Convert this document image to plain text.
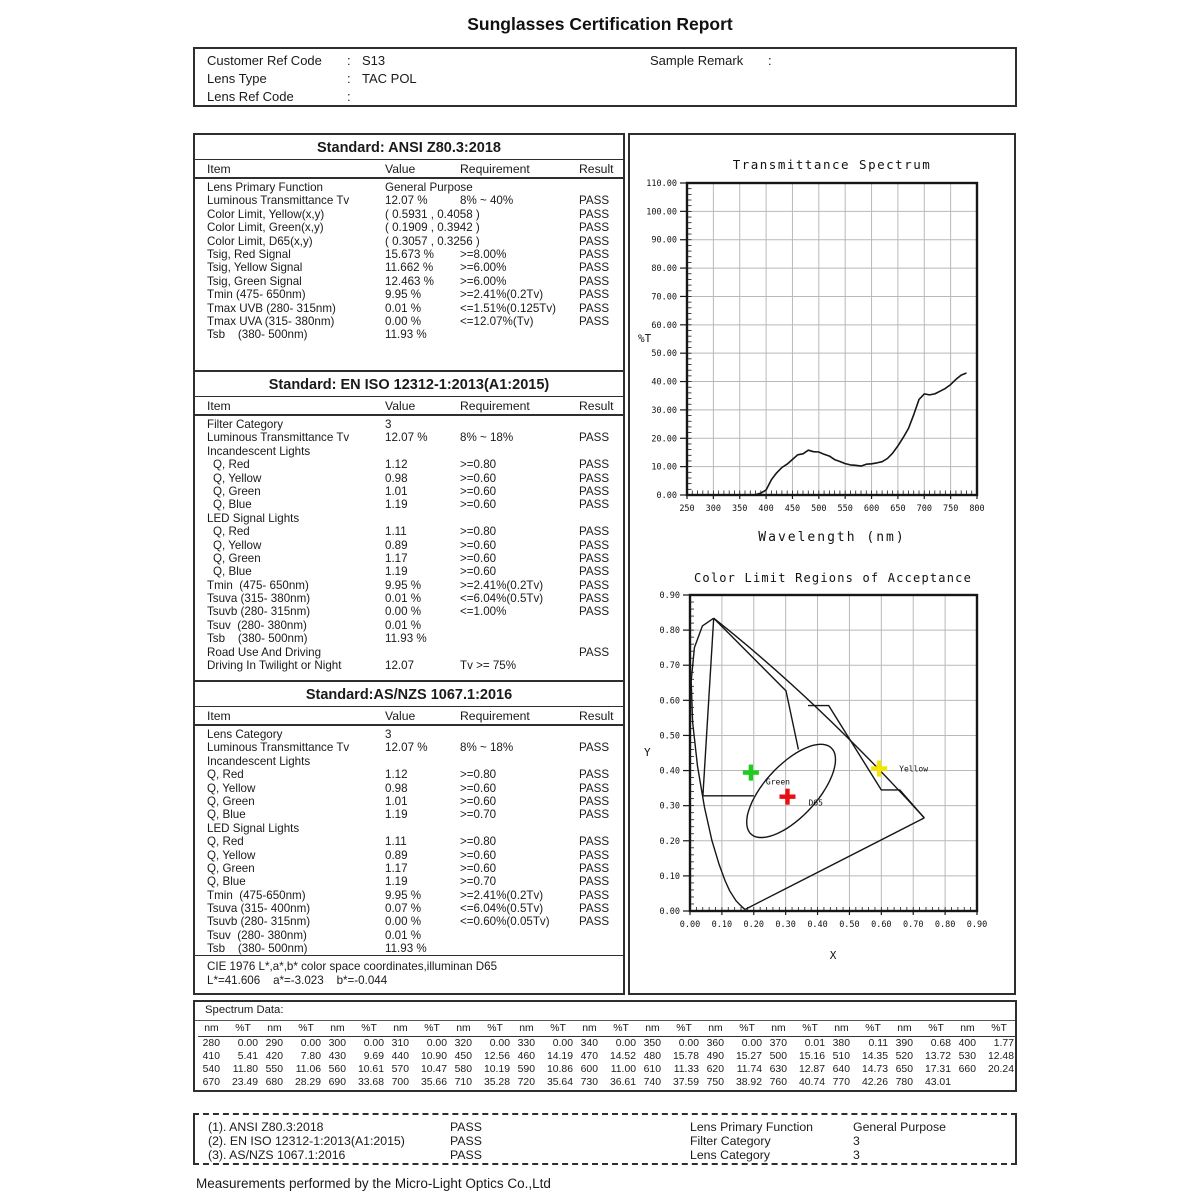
Sunglasses Certification Report
Customer Ref Code : S13	Sample Remark :
Lens Type	: TAC POL
Lens Ref Code	:
Standard: ANSI Z80.3:2018
Item	Value	Requirement	Result
Lens Primary Function	General Purpose
Luminous Transmittance Tv	12.07 %	8% ~ 40%	PASS
Color Limit, Yellow(x,y)	( 0.5931 , 0.4058 )	PASS
Color Limit, Green(x,y)	( 0.1909 , 0.3942 )	PASS
Color Limit, D65(x,y)	( 0.3057 , 0.3256 )	PASS
Tsig, Red Signal	15.673 % >=8.00%	PASS
Tsig, Yellow Signal	11.662 % >=6.00%	PASS
Tsig, Green Signal	12.463 % >=6.00%	PASS
Tmin (475- 650nm)	9.95 %	>=2.41%(0.2Tv)	PASS
Tmax UVB (280- 315nm)	0.01 %	<=1.51%(0.125Tv) PASS
Tmax UVA (315- 380nm)	0.00 %	<=12.07%(Tv)	PASS
Tsb    (380- 500nm)	11.93 %
Standard: EN ISO 12312-1:2013(A1:2015)
Item	Value	Requirement	Result
Filter Category	3
Luminous Transmittance Tv	12.07 %	8% ~ 18%	PASS
Incandescent Lights
Q, Red	1.12	>=0.80	PASS
Q, Yellow	0.98	>=0.60	PASS
Q, Green	1.01	>=0.60	PASS
Q, Blue	1.19	>=0.60	PASS
LED Signal Lights
Q, Red	1.11	>=0.80	PASS
Q, Yellow	0.89	>=0.60	PASS
Q, Green	1.17	>=0.60	PASS
Q, Blue	1.19	>=0.60	PASS
Tmin  (475- 650nm)	9.95 %	>=2.41%(0.2Tv)	PASS
Tsuva (315- 380nm)	0.01 %	<=6.04%(0.5Tv)	PASS
Tsuvb (280- 315nm)	0.00 %	<=1.00%	PASS
Tsuv  (280- 380nm)	0.01 %
Tsb    (380- 500nm)	11.93 %
Road Use And Driving	PASS
Driving In Twilight or Night	12.07	Tv >= 75%
Standard:AS/NZS 1067.1:2016
Item	Value	Requirement	Result
Lens Category	3
Luminous Transmittance Tv	12.07 %	8% ~ 18%	PASS
Incandescent Lights
Q, Red	1.12	>=0.80	PASS
Q, Yellow	0.98	>=0.60	PASS
Q, Green	1.01	>=0.60	PASS
Q, Blue	1.19	>=0.70	PASS
LED Signal Lights
Q, Red	1.11	>=0.80	PASS
Q, Yellow	0.89	>=0.60	PASS
Q, Green	1.17	>=0.60	PASS
Q, Blue	1.19	>=0.70	PASS
Tmin  (475-650nm)	9.95 %	>=2.41%(0.2Tv)	PASS
Tsuva (315- 400nm)	0.07 %	<=6.04%(0.5Tv)	PASS
Tsuvb (280- 315nm)	0.00 %	<=0.60%(0.05Tv)	PASS
Tsuv  (280- 380nm)	0.01 %
Tsb    (380- 500nm)	11.93 %
CIE 1976 L*,a*,b* color space coordinates,illuminan D65
L*=41.606    a*=-3.023    b*=-0.044
0.00
10.00
20.00
30.00
40.00
50.00
60.00
70.00
80.00
90.00
100.00
110.00
250 300 350 400 450 500 550 600 650 700 750 800
Transmittance Spectrum
%T
Wavelength (nm)
0.00
0.00
0.10
0.10
0.20
0.20
0.30
0.30
0.40
0.40
0.50
0.50
0.60
0.60
0.70
0.70
0.80
0.80
0.90
0.90
Green
D65
Yellow
Color Limit Regions of Acceptance
Y
X
Spectrum Data:
nm	%T	nm	%T	nm	%T	nm	%T	nm	%T	nm	%T	nm	%T	nm	%T	nm	%T	nm	%T	nm	%T	nm	%T	nm	%T
280	0.00 290	0.00 300	0.00 310	0.00 320	0.00 330	0.00 340	0.00 350	0.00 360	0.00 370	0.01 380	0.11 390	0.68 400	1.77
410	5.41 420	7.80 430	9.69 440	10.90 450	12.56 460	14.19 470	14.52 480	15.78 490	15.27 500	15.16 510	14.35 520	13.72 530	12.48
540	11.80 550	11.06 560	10.61 570	10.47 580	10.19 590	10.86 600	11.00 610	11.33 620	11.74 630	12.87 640	14.73 650	17.31 660	20.24
670	23.49 680	28.29 690	33.68 700	35.66 710	35.28 720	35.64 730	36.61 740	37.59 750	38.92 760	40.74 770	42.26 780	43.01
(1). ANSI Z80.3:2018	PASS	Lens Primary Function	General Purpose
(2). EN ISO 12312-1:2013(A1:2015)	PASS	Filter Category	3
(3). AS/NZS 1067.1:2016	PASS	Lens Category	3
Measurements performed by the Micro-Light Optics Co.,Ltd
